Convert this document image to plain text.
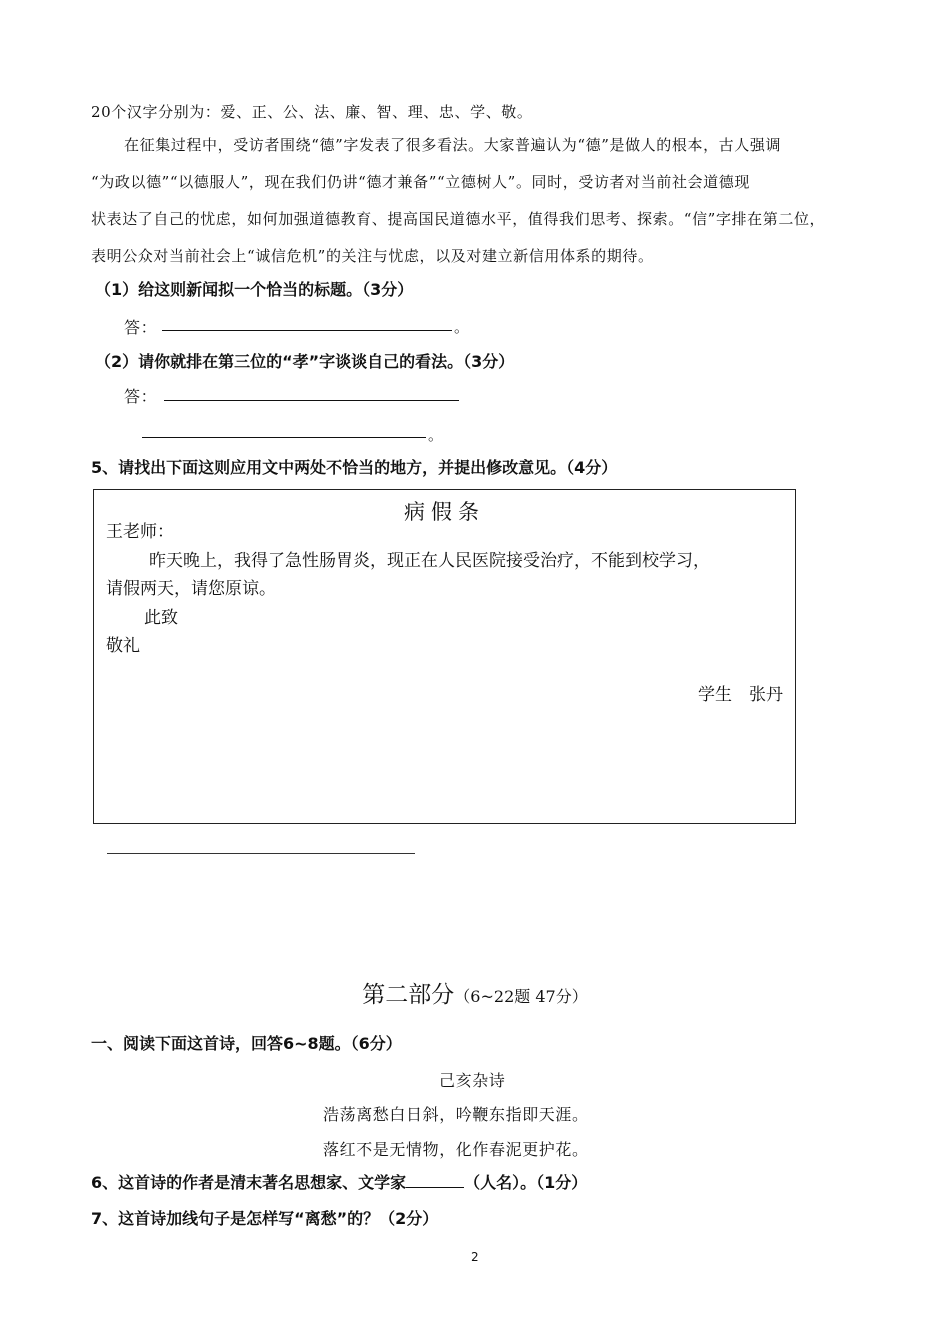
20个汉字分别为：爱、正、公、法、廉、智、理、忠、学、敬。
在征集过程中，受访者围绕“德”字发表了很多看法。大家普遍认为“德”是做人的根本，古人强调
“为政以德”“以德服人”，现在我们仍讲“德才兼备”“立德树人”。同时，受访者对当前社会道德现
状表达了自己的忧虑，如何加强道德教育、提高国民道德水平，值得我们思考、探索。“信”字排在第二位，
表明公众对当前社会上“诚信危机”的关注与忧虑，以及对建立新信用体系的期待。
（1）给这则新闻拟一个恰当的标题。（3分）
答：	。
（2）请你就排在第三位的“孝”字谈谈自己的看法。（3分）
答：
。
5、请找出下面这则应用文中两处不恰当的地方，并提出修改意见。（4分）
病假条
王老师：
昨天晚上，我得了急性肠胃炎，现正在人民医院接受治疗，不能到校学习，
请假两天，请您原谅。
此致
敬礼
学生　张丹
第二部分（6~22题 47分）
一、阅读下面这首诗，回答6~8题。（6分）
己亥杂诗
浩荡离愁白日斜，吟鞭东指即天涯。
落红不是无情物，化作春泥更护花。
6、这首诗的作者是清末著名思想家、文学家	（人名）。（1分）
7、这首诗加线句子是怎样写“离愁”的？（2分）
2
